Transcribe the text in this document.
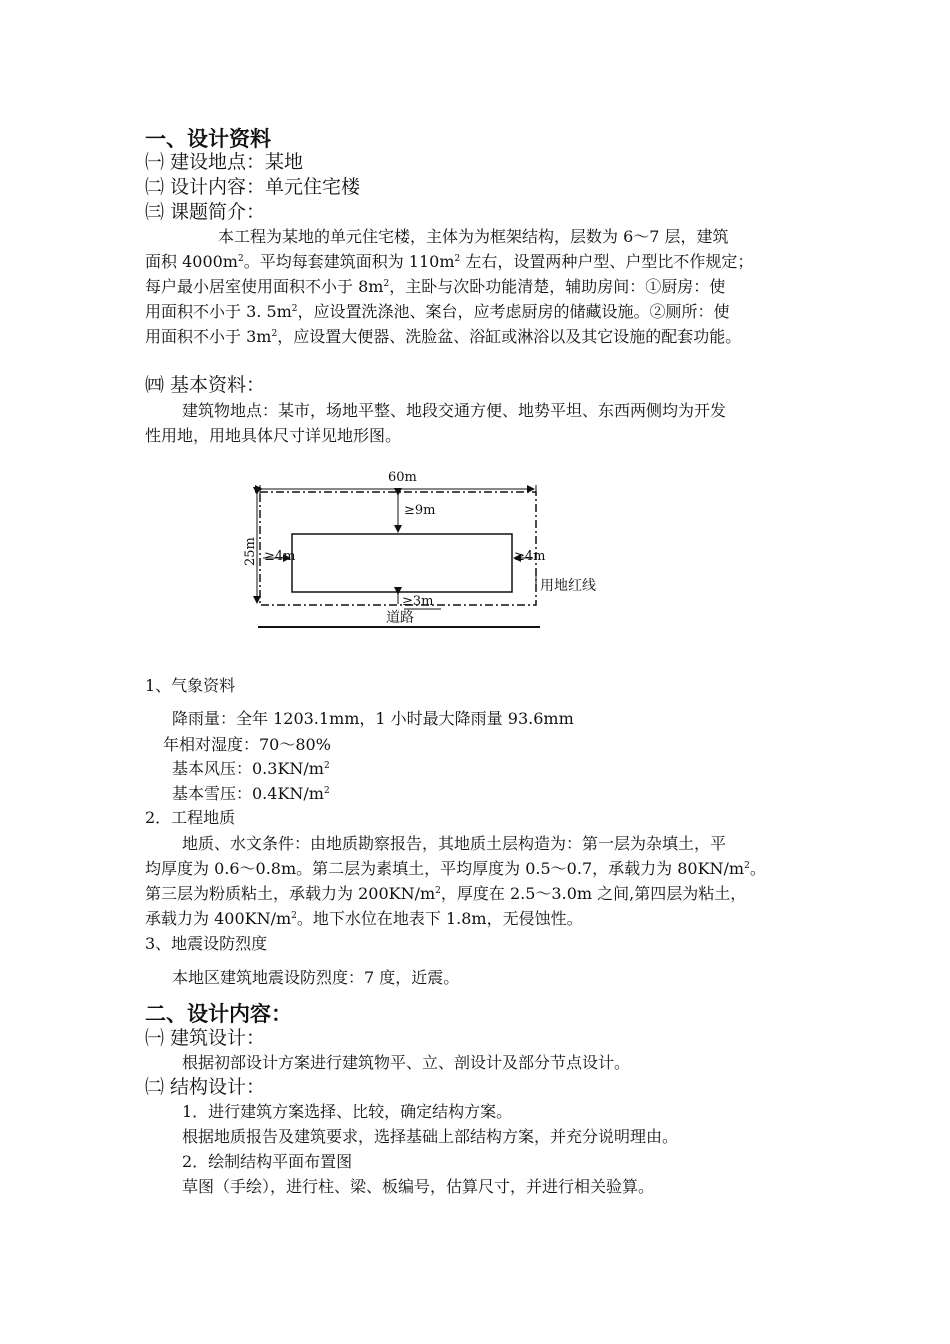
一、设计资料
㈠ 建设地点：某地
㈡ 设计内容：单元住宅楼
㈢ 课题简介：
本工程为某地的单元住宅楼，主体为为框架结构，层数为 6～7 层，建筑
面积 $4000m^2$。平均每套建筑面积为 $110m^2$ 左右，设置两种户型、户型比不作规定；
每户最小居室使用面积不小于 $8m^2$，主卧与次卧功能清楚，辅助房间：①厨房：使
用面积不小于 3. $5m^2$，应设置洗涤池、案台，应考虑厨房的储藏设施。②厕所：使
用面积不小于 $3m^2$，应设置大便器、洗脸盆、浴缸或淋浴以及其它设施的配套功能。
㈣ 基本资料：
建筑物地点：某市，场地平整、地段交通方便、地势平坦、东西两侧均为开发
性用地，用地具体尺寸详见地形图。
60m
25m
≥9m
≥4m	≥4m
≥3m
用地红线
道路
1、气象资料
降雨量：全年 1203.1mm，1 小时最大降雨量 93.6mm
年相对湿度：70～80%
基本风压：$0.3KN/m^2$
基本雪压：$0.4KN/m^2$
2．工程地质
地质、水文条件：由地质勘察报告，其地质土层构造为：第一层为杂填土，平
均厚度为 0.6～0.8m。第二层为素填土，平均厚度为 0.5～0.7，承载力为 $80KN/m^2$。
第三层为粉质粘土，承载力为 $200KN/m^2$，厚度在 2.5～3.0m 之间,第四层为粘土，
承载力为 $400KN/m^2$。地下水位在地表下 1.8m，无侵蚀性。
3、地震设防烈度
本地区建筑地震设防烈度：7 度，近震。
二、设计内容：
㈠ 建筑设计：
根据初部设计方案进行建筑物平、立、剖设计及部分节点设计。
㈡ 结构设计：
1．进行建筑方案选择、比较，确定结构方案。
根据地质报告及建筑要求，选择基础上部结构方案，并充分说明理由。
2．绘制结构平面布置图
草图（手绘），进行柱、梁、板编号，估算尺寸，并进行相关验算。
